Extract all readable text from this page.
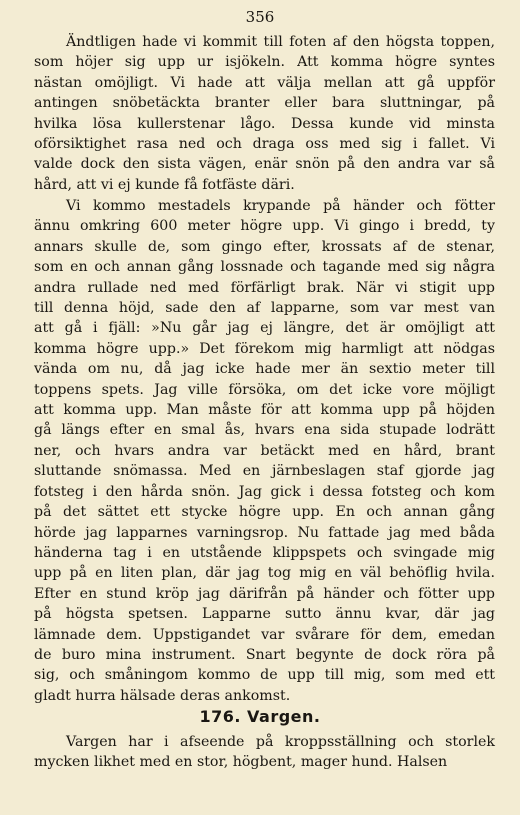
356
Ändtligen hade vi kommit till foten af den högsta toppen,
som höjer sig upp ur isjökeln. Att komma högre syntes
nästan omöjligt. Vi hade att välja mellan att gå uppför
antingen snöbetäckta branter eller bara sluttningar, på
hvilka lösa kullerstenar lågo. Dessa kunde vid minsta
oförsiktighet rasa ned och draga oss med sig i fallet. Vi
valde dock den sista vägen, enär snön på den andra var så
hård, att vi ej kunde få fotfäste däri.
Vi kommo mestadels krypande på händer och fötter
ännu omkring 600 meter högre upp. Vi gingo i bredd, ty
annars skulle de, som gingo efter, krossats af de stenar,
som en och annan gång lossnade och tagande med sig några
andra rullade ned med förfärligt brak. När vi stigit upp
till denna höjd, sade den af lapparne, som var mest van
att gå i fjäll: »Nu går jag ej längre, det är omöjligt att
komma högre upp.» Det förekom mig harmligt att nödgas
vända om nu, då jag icke hade mer än sextio meter till
toppens spets. Jag ville försöka, om det icke vore möjligt
att komma upp. Man måste för att komma upp på höjden
gå längs efter en smal ås, hvars ena sida stupade lodrätt
ner, och hvars andra var betäckt med en hård, brant
sluttande snömassa. Med en järnbeslagen staf gjorde jag
fotsteg i den hårda snön. Jag gick i dessa fotsteg och kom
på det sättet ett stycke högre upp. En och annan gång
hörde jag lapparnes varningsrop. Nu fattade jag med båda
händerna tag i en utstående klippspets och svingade mig
upp på en liten plan, där jag tog mig en väl behöflig hvila.
Efter en stund kröp jag därifrån på händer och fötter upp
på högsta spetsen. Lapparne sutto ännu kvar, där jag
lämnade dem. Uppstigandet var svårare för dem, emedan
de buro mina instrument. Snart begynte de dock röra på
sig, och småningom kommo de upp till mig, som med ett
gladt hurra hälsade deras ankomst.
176. Vargen.
Vargen har i afseende på kroppsställning och storlek
mycken likhet med en stor, högbent, mager hund. Halsen
